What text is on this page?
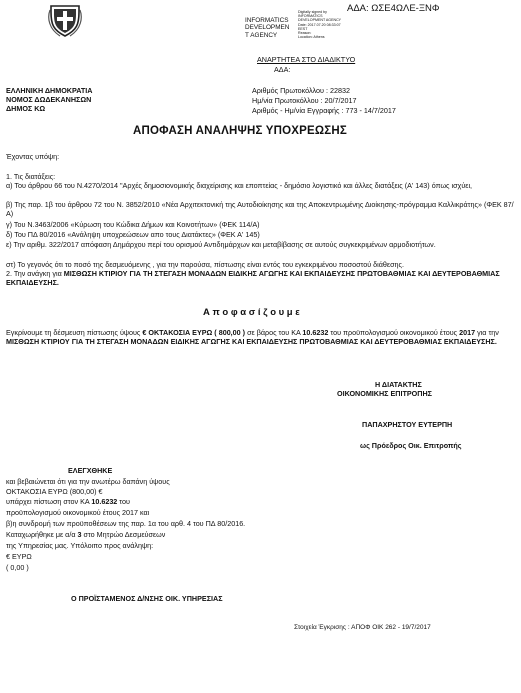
ΑΔΑ: ΩΣΕ4ΩΛΕ-ΞΝΦ
INFORMATICS
DEVELOPMEN
T AGENCY
Digitally signed by
INFORMATICS
DEVELOPMENT AGENCY
Date: 2017.07.20 08:33:07
EEST
Reason:
Location: Athens
ΑΝΑΡΤΗΤΕΑ ΣΤΟ ΔΙΑΔΙΚΤΥΟ
ΑΔΑ:
ΕΛΛΗΝΙΚΗ ΔΗΜΟΚΡΑΤΙΑ
ΝΟΜΟΣ ΔΩΔΕΚΑΝΗΣΩΝ
ΔΗΜΟΣ ΚΩ
Αριθμός Πρωτοκόλλου : 22832
Ημ/νία Πρωτοκόλλου : 20/7/2017
Αριθμός - Ημ/νία Εγγραφής : 773 - 14/7/2017
ΑΠΟΦΑΣΗ ΑΝΑΛΗΨΗΣ ΥΠΟΧΡΕΩΣΗΣ
Έχοντας υπόψη:
1. Τις διατάξεις:
α) Του άρθρου 66 του Ν.4270/2014 "Αρχές δημοσιονομικής διαχείρισης και εποπτείας - δημόσιο λογιστικό και άλλες διατάξεις (Α' 143) όπως ισχύει,
β) Της παρ. 1β του άρθρου 72 του Ν. 3852/2010 «Νέα Αρχιτεκτονική της Αυτοδιοίκησης και της Αποκεντρωμένης Διοίκησης-πρόγραμμα Καλλικράτης» (ΦΕΚ 87/Α)
γ) Του Ν.3463/2006 «Κύρωση του Κώδικα Δήμων και Κοινοτήτων» (ΦΕΚ 114/Α)
δ) Του ΠΔ 80/2016 «Ανάληψη υποχρεώσεων απο τους Διατάκτες» (ΦΕΚ Α' 145)
ε) Την αριθμ. 322/2017 απόφαση Δημάρχου περί του ορισμού Αντιδημάρχων και μεταβίβασης σε αυτούς συγκεκριμένων αρμοδιοτήτων.
στ) Το γεγονός ότι το ποσό της δεσμευόμενης , για την παρούσα, πίστωσης είναι εντός του εγκεκριμένου ποσοστού διάθεσης.
2. Την ανάγκη για ΜΙΣΘΩΣΗ ΚΤΙΡΙΟΥ ΓΙΑ ΤΗ ΣΤΕΓΑΣΗ ΜΟΝΑΔΩΝ ΕΙΔΙΚΗΣ ΑΓΩΓΗΣ ΚΑΙ ΕΚΠΑΙΔΕΥΣΗΣ ΠΡΩΤΟΒΑΘΜΙΑΣ ΚΑΙ ΔΕΥΤΕΡΟΒΑΘΜΙΑΣ ΕΚΠΑΙΔΕΥΣΗΣ.
Α π ο φ α σ ί ζ ο υ μ ε
Εγκρίνουμε τη δέσμευση πίστωσης ύψους € ΟΚΤΑΚΟΣΙΑ ΕΥΡΩ ( 800,00 ) σε βάρος του ΚΑ 10.6232 του προϋπολογισμού οικονομικού έτους 2017 για την ΜΙΣΘΩΣΗ ΚΤΙΡΙΟΥ ΓΙΑ ΤΗ ΣΤΕΓΑΣΗ ΜΟΝΑΔΩΝ ΕΙΔΙΚΗΣ ΑΓΩΓΗΣ ΚΑΙ ΕΚΠΑΙΔΕΥΣΗΣ ΠΡΩΤΟΒΑΘΜΙΑΣ ΚΑΙ ΔΕΥΤΕΡΟΒΑΘΜΙΑΣ ΕΚΠΑΙΔΕΥΣΗΣ.
Η ΔΙΑΤΑΚΤΗΣ
ΟΙΚΟΝΟΜΙΚΗΣ ΕΠΙΤΡΟΠΗΣ
ΠΑΠΑΧΡΗΣΤΟΥ ΕΥΤΕΡΠΗ
ως Πρόεδρος Οικ. Επιτροπής
ΕΛΕΓΧΘΗΚΕ
και βεβαιώνεται ότι για την ανωτέρω δαπάνη ύψους
ΟΚΤΑΚΟΣΙΑ ΕΥΡΩ (800,00) €
υπάρχει πίστωση στον ΚΑ 10.6232 του
προϋπολογισμού οικονομικού έτους 2017 και
β)η συνδρομή των προϋποθέσεων της παρ. 1α του αρθ. 4 του ΠΔ 80/2016.
Καταχωρήθηκε με α/α 3 στο Μητρώο Δεσμεύσεων
της Υπηρεσίας μας. Υπόλοιπο προς ανάληψη:
€ ΕΥΡΩ
( 0,00 )
Ο ΠΡΟΪΣΤΑΜΕΝΟΣ Δ/ΝΣΗΣ ΟΙΚ. ΥΠΗΡΕΣΙΑΣ
Στοιχεία Έγκρισης : ΑΠΟΦ ΟΙΚ 262 - 19/7/2017
